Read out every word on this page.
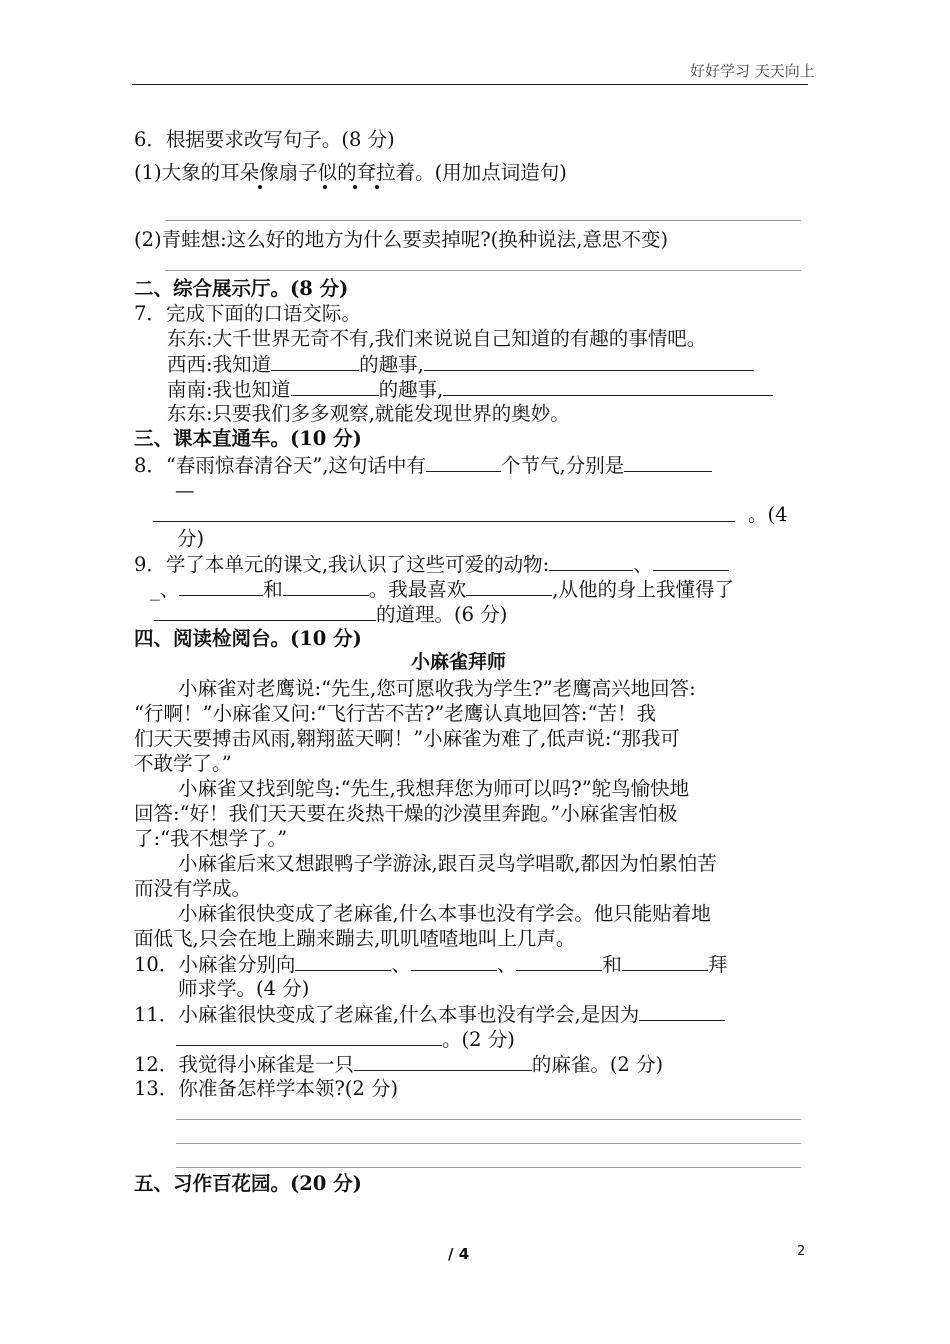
好好学习 天天向上
6．根据要求改写句子。(8 分)
(1)大象的耳朵像扇子似的耷拉着。(用加点词造句)
(2)青蛙想:这么好的地方为什么要卖掉呢?(换种说法,意思不变)
二、综合展示厅。(8 分)
7．完成下面的口语交际。
东东:大千世界无奇不有,我们来说说自己知道的有趣的事情吧。
西西:我知道	的趣事,
南南:我也知道	的趣事,
东东:只要我们多多观察,就能发现世界的奥妙。
三、课本直通车。(10 分)
8．“春雨惊春清谷天”,这句话中有	个节气,分别是
—
。(4
分)
9．学了本单元的课文,我认识了这些可爱的动物:	、
_、	和	。我最喜欢	,从他的身上我懂得了
的道理。(6 分)
四、阅读检阅台。(10 分)
小麻雀拜师
小麻雀对老鹰说:“先生,您可愿收我为学生?”老鹰高兴地回答:
“行啊！”小麻雀又问:“飞行苦不苦?”老鹰认真地回答:“苦！我
们天天要搏击风雨,翱翔蓝天啊！”小麻雀为难了,低声说:“那我可
不敢学了。”
小麻雀又找到鸵鸟:“先生,我想拜您为师可以吗?”鸵鸟愉快地
回答:“好！我们天天要在炎热干燥的沙漠里奔跑。”小麻雀害怕极
了:“我不想学了。”
小麻雀后来又想跟鸭子学游泳,跟百灵鸟学唱歌,都因为怕累怕苦
而没有学成。
小麻雀很快变成了老麻雀,什么本事也没有学会。他只能贴着地
面低飞,只会在地上蹦来蹦去,叽叽喳喳地叫上几声。
10．小麻雀分别向	、	、	和	拜
师求学。(4 分)
11．小麻雀很快变成了老麻雀,什么本事也没有学会,是因为
。(2 分)
12．我觉得小麻雀是一只	的麻雀。(2 分)
13．你准备怎样学本领?(2 分)
五、习作百花园。(20 分)
/ 4	2
